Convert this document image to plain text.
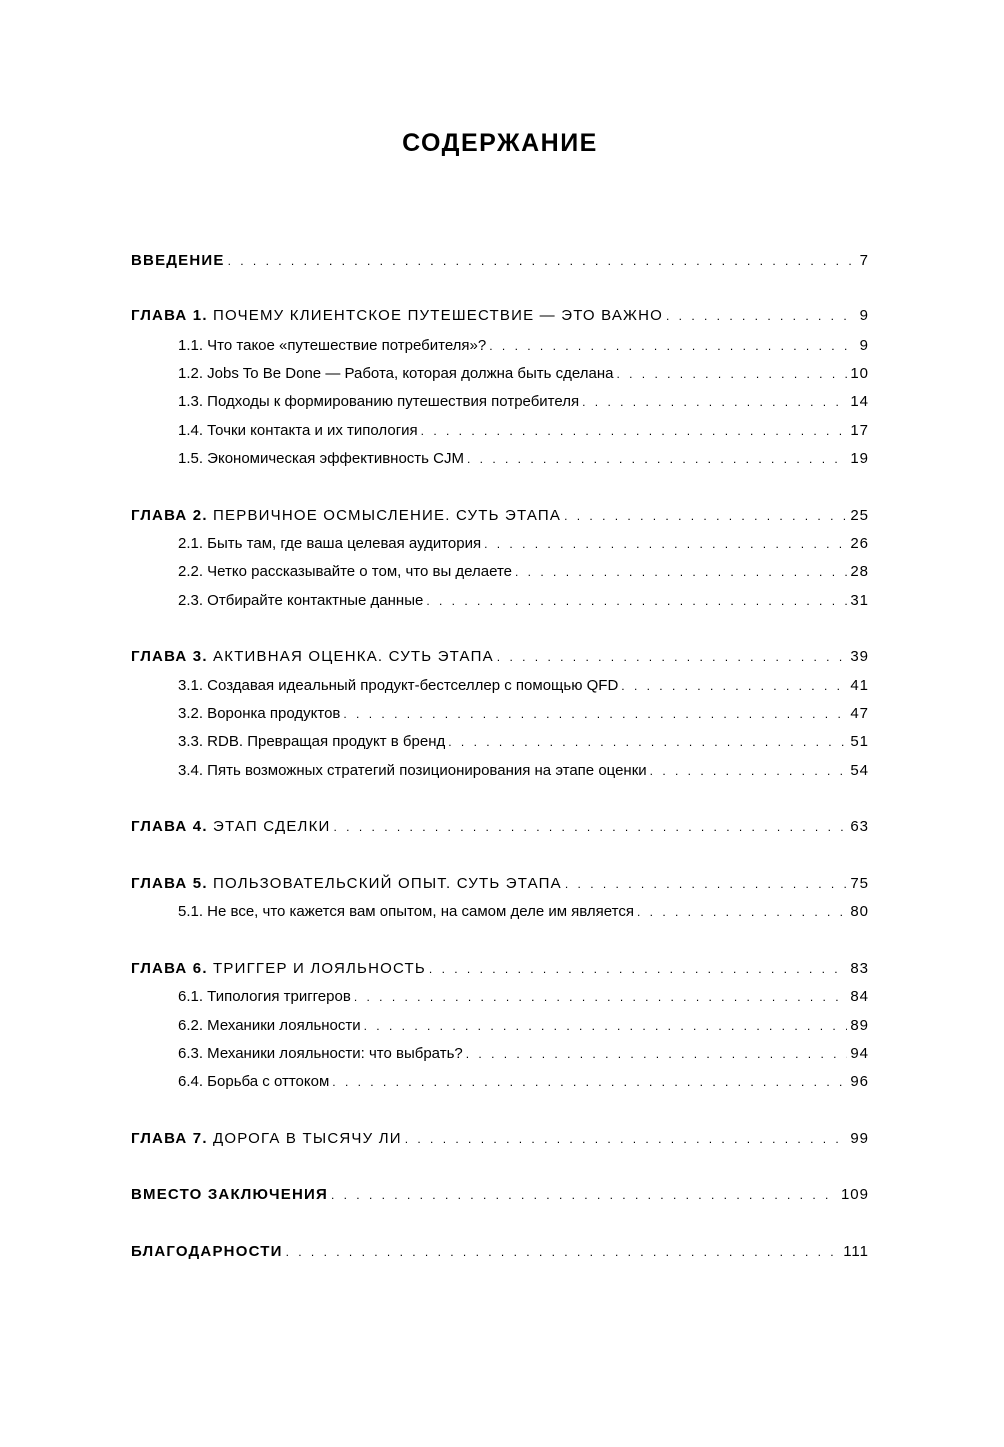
СОДЕРЖАНИЕ
ВВЕДЕНИЕ . . .	7
ГЛАВА 1. ПОЧЕМУ КЛИЕНТСКОЕ ПУТЕШЕСТВИЕ — ЭТО ВАЖНО . . .	9
1.1. Что такое «путешествие потребителя»? . . .	9
1.2. Jobs To Be Done — Работа, которая должна быть сделана . . .	10
1.3. Подходы к формированию путешествия потребителя . . .	14
1.4. Точки контакта и их типология . . .	17
1.5. Экономическая эффективность CJM . . .	19
ГЛАВА 2. ПЕРВИЧНОЕ ОСМЫСЛЕНИЕ. СУТЬ ЭТАПА . . .	25
2.1. Быть там, где ваша целевая аудитория . . .	26
2.2. Четко рассказывайте о том, что вы делаете . . .	28
2.3. Отбирайте контактные данные . . .	31
ГЛАВА 3. АКТИВНАЯ ОЦЕНКА. СУТЬ ЭТАПА . . .	39
3.1. Создавая идеальный продукт-бестселлер с помощью QFD . . .	41
3.2. Воронка продуктов . . .	47
3.3. RDB. Превращая продукт в бренд . . .	51
3.4. Пять возможных стратегий позиционирования на этапе оценки . . .	54
ГЛАВА 4. ЭТАП СДЕЛКИ . . .	63
ГЛАВА 5. ПОЛЬЗОВАТЕЛЬСКИЙ ОПЫТ. СУТЬ ЭТАПА . . .	75
5.1. Не все, что кажется вам опытом, на самом деле им является . . .	80
ГЛАВА 6. ТРИГГЕР И ЛОЯЛЬНОСТЬ . . .	83
6.1. Типология триггеров . . .	84
6.2. Механики лояльности . . .	89
6.3. Механики лояльности: что выбрать? . . .	94
6.4. Борьба с оттоком . . .	96
ГЛАВА 7. ДОРОГА В ТЫСЯЧУ ЛИ . . .	99
ВМЕСТО ЗАКЛЮЧЕНИЯ . . .	109
БЛАГОДАРНОСТИ . . .	111
